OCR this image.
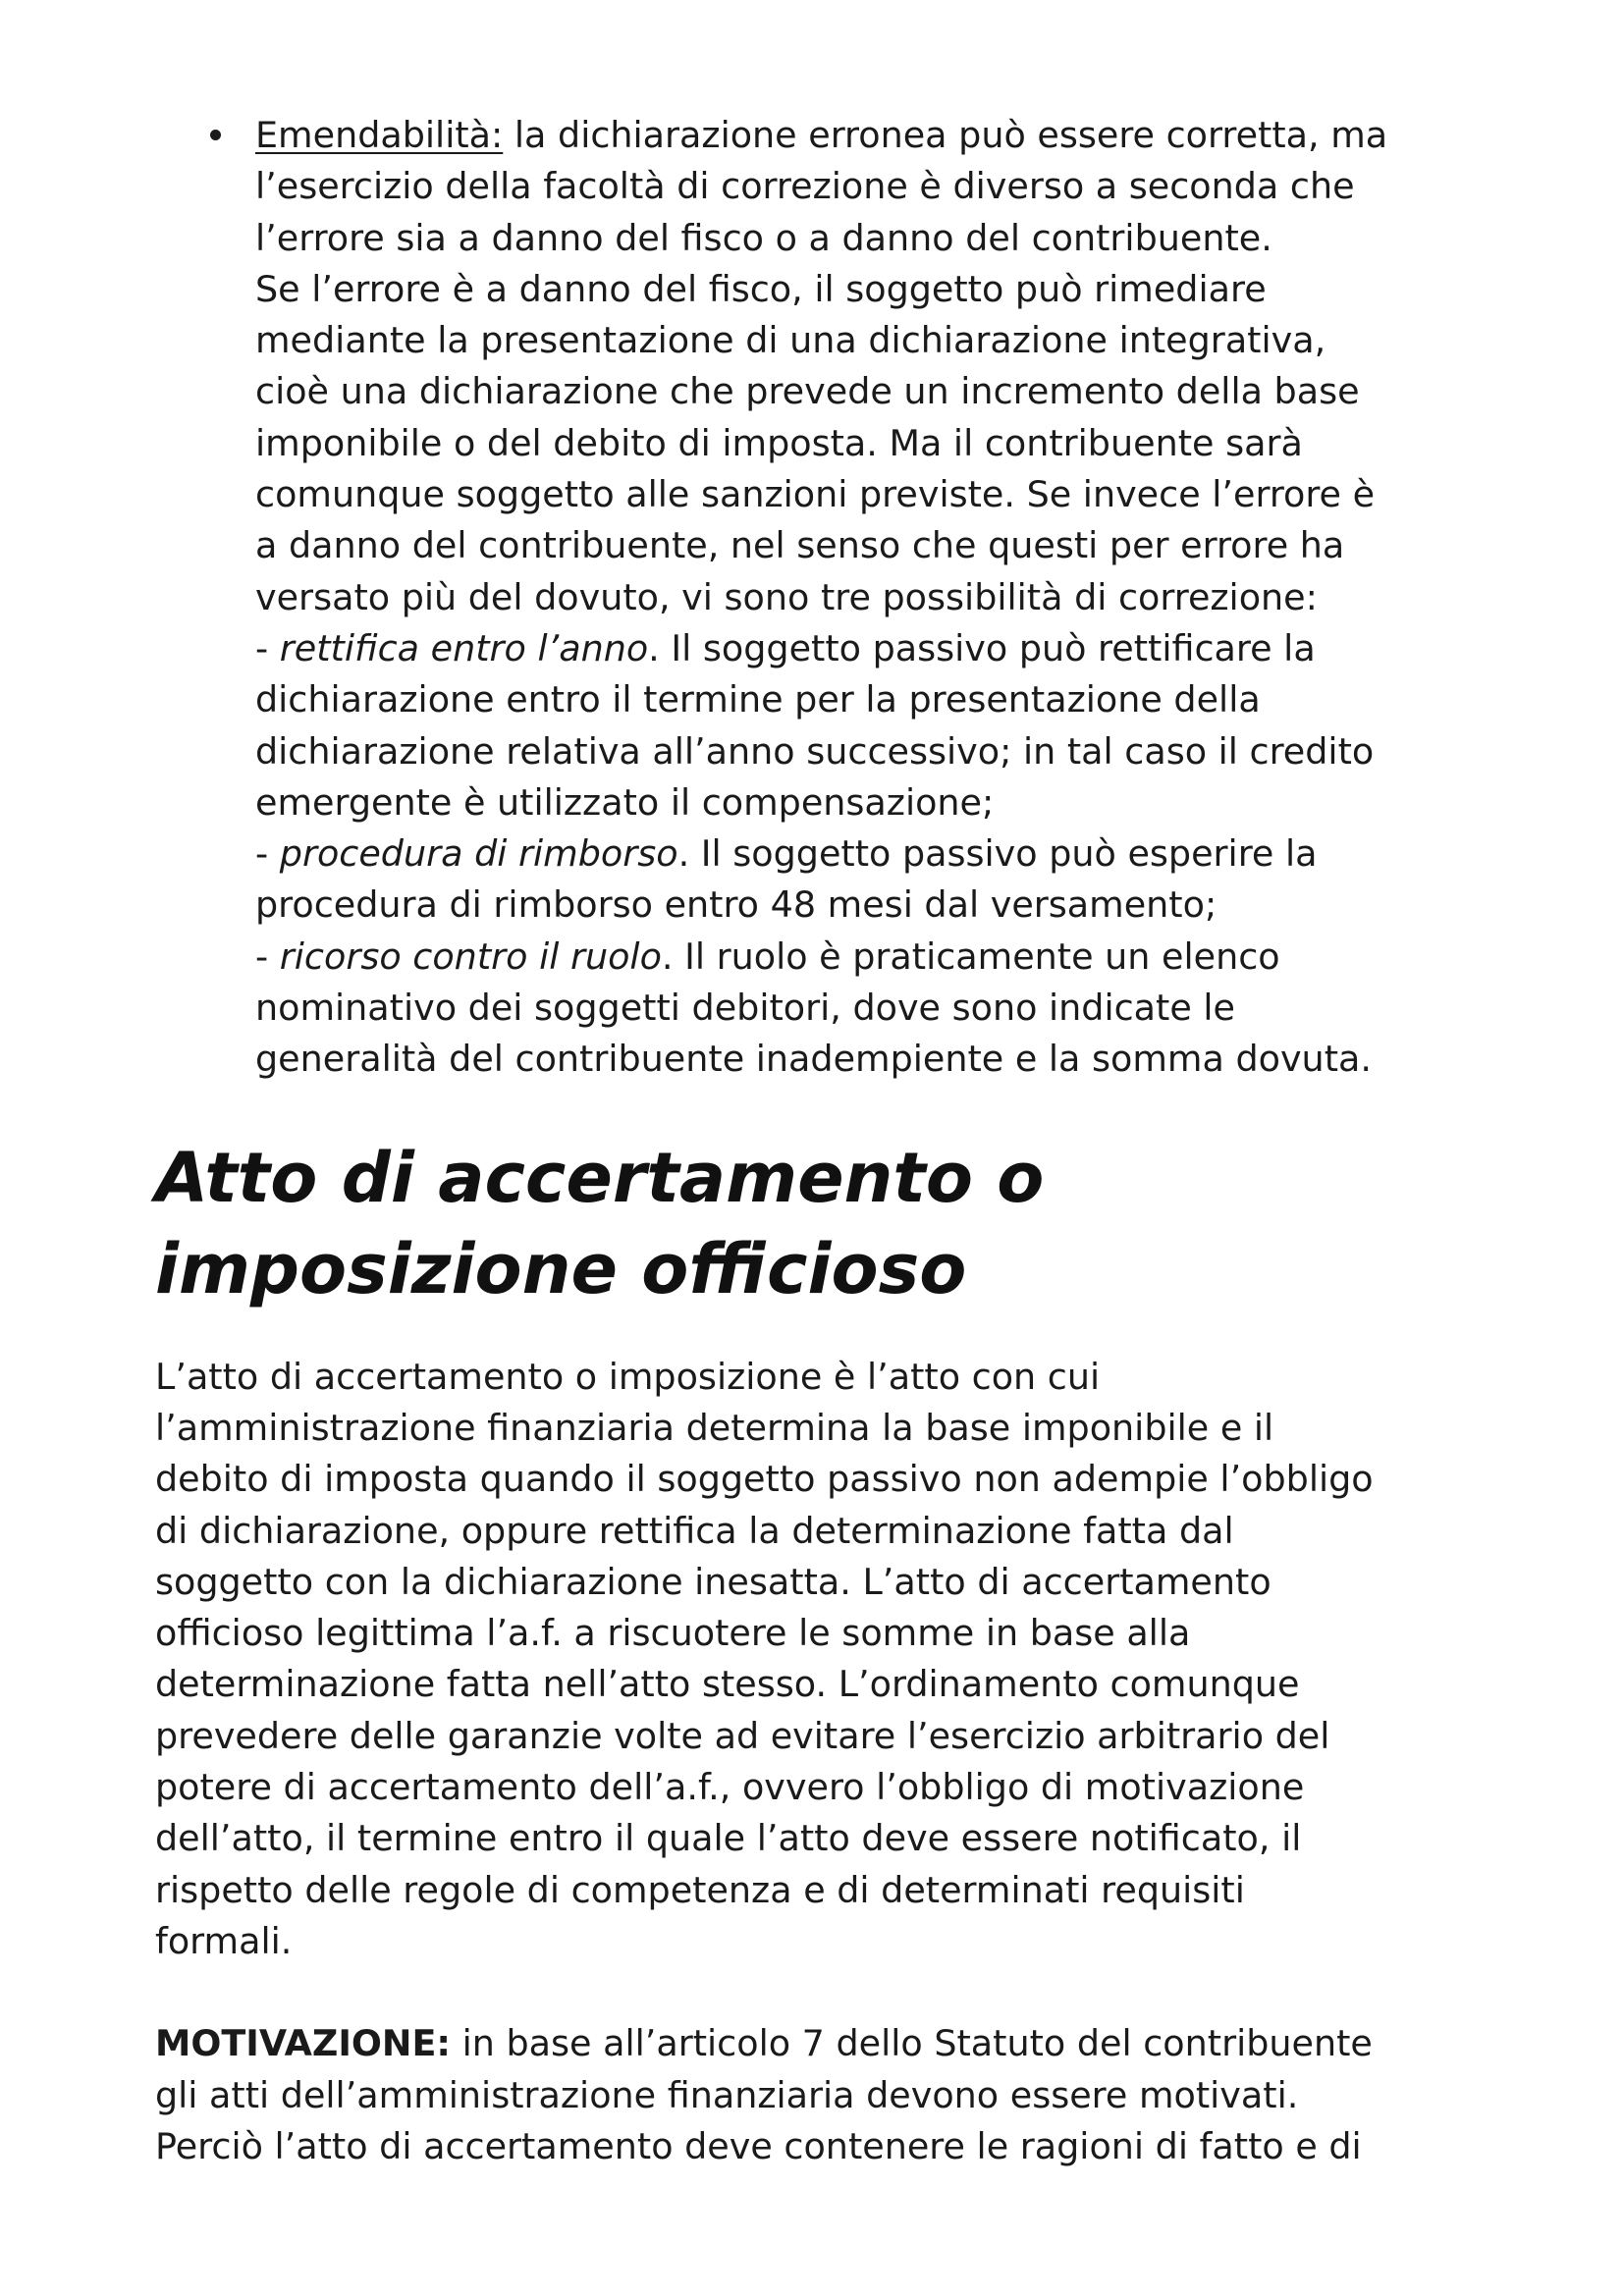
Emendabilità: la dichiarazione erronea può essere corretta, ma
l’esercizio della facoltà di correzione è diverso a seconda che
l’errore sia a danno del fisco o a danno del contribuente.
Se l’errore è a danno del fisco, il soggetto può rimediare
mediante la presentazione di una dichiarazione integrativa,
cioè una dichiarazione che prevede un incremento della base
imponibile o del debito di imposta. Ma il contribuente sarà
comunque soggetto alle sanzioni previste. Se invece l’errore è
a danno del contribuente, nel senso che questi per errore ha
versato più del dovuto, vi sono tre possibilità di correzione:
- rettifica entro l’anno. Il soggetto passivo può rettificare la
dichiarazione entro il termine per la presentazione della
dichiarazione relativa all’anno successivo; in tal caso il credito
emergente è utilizzato il compensazione;
- procedura di rimborso. Il soggetto passivo può esperire la
procedura di rimborso entro 48 mesi dal versamento;
- ricorso contro il ruolo. Il ruolo è praticamente un elenco
nominativo dei soggetti debitori, dove sono indicate le
generalità del contribuente inadempiente e la somma dovuta.
Atto di accertamento o
imposizione officioso
L’atto di accertamento o imposizione è l’atto con cui
l’amministrazione finanziaria determina la base imponibile e il
debito di imposta quando il soggetto passivo non adempie l’obbligo
di dichiarazione, oppure rettifica la determinazione fatta dal
soggetto con la dichiarazione inesatta. L’atto di accertamento
officioso legittima l’a.f. a riscuotere le somme in base alla
determinazione fatta nell’atto stesso. L’ordinamento comunque
prevedere delle garanzie volte ad evitare l’esercizio arbitrario del
potere di accertamento dell’a.f., ovvero l’obbligo di motivazione
dell’atto, il termine entro il quale l’atto deve essere notificato, il
rispetto delle regole di competenza e di determinati requisiti
formali.
MOTIVAZIONE: in base all’articolo 7 dello Statuto del contribuente
gli atti dell’amministrazione finanziaria devono essere motivati.
Perciò l’atto di accertamento deve contenere le ragioni di fatto e di
